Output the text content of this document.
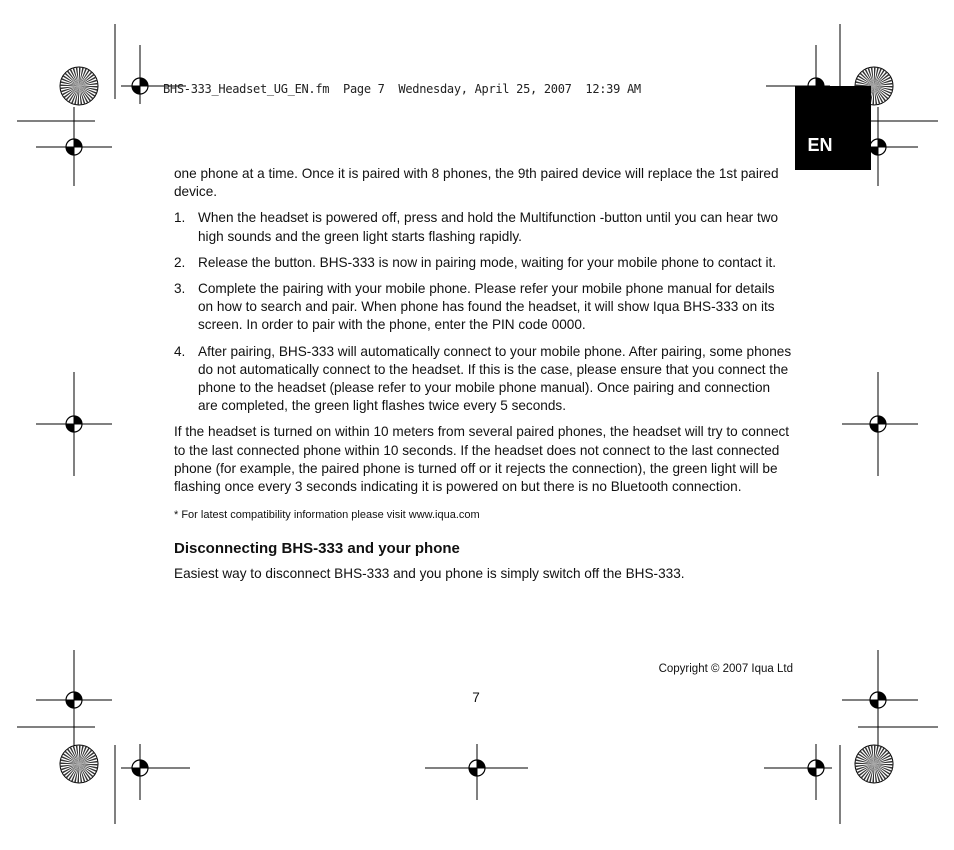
BHS-333_Headset_UG_EN.fm  Page 7  Wednesday, April 25, 2007  12:39 AM
EN

one phone at a time. Once it is paired with 8 phones, the 9th paired device will replace the 1st paired device.

1. When the headset is powered off, press and hold the Multifunction -button until you can hear two high sounds and the green light starts flashing rapidly.
2. Release the button. BHS-333 is now in pairing mode, waiting for your mobile phone to contact it.
3. Complete the pairing with your mobile phone. Please refer your mobile phone manual for details on how to search and pair. When phone has found the headset, it will show Iqua BHS-333 on its screen. In order to pair with the phone, enter the PIN code 0000.
4. After pairing, BHS-333 will automatically connect to your mobile phone. After pairing, some phones do not automatically connect to the headset. If this is the case, please ensure that you connect the phone to the headset (please refer to your mobile phone manual). Once pairing and connection are completed, the green light flashes twice every 5 seconds.

If the headset is turned on within 10 meters from several paired phones, the headset will try to connect to the last connected phone within 10 seconds. If the headset does not connect to the last connected phone (for example, the paired phone is turned off or it rejects the connection), the green light will be flashing once every 3 seconds indicating it is powered on but there is no Bluetooth connection.

* For latest compatibility information please visit www.iqua.com

Disconnecting BHS-333 and your phone

Easiest way to disconnect BHS-333 and you phone is simply switch off the BHS-333.

Copyright © 2007 Iqua Ltd
7
